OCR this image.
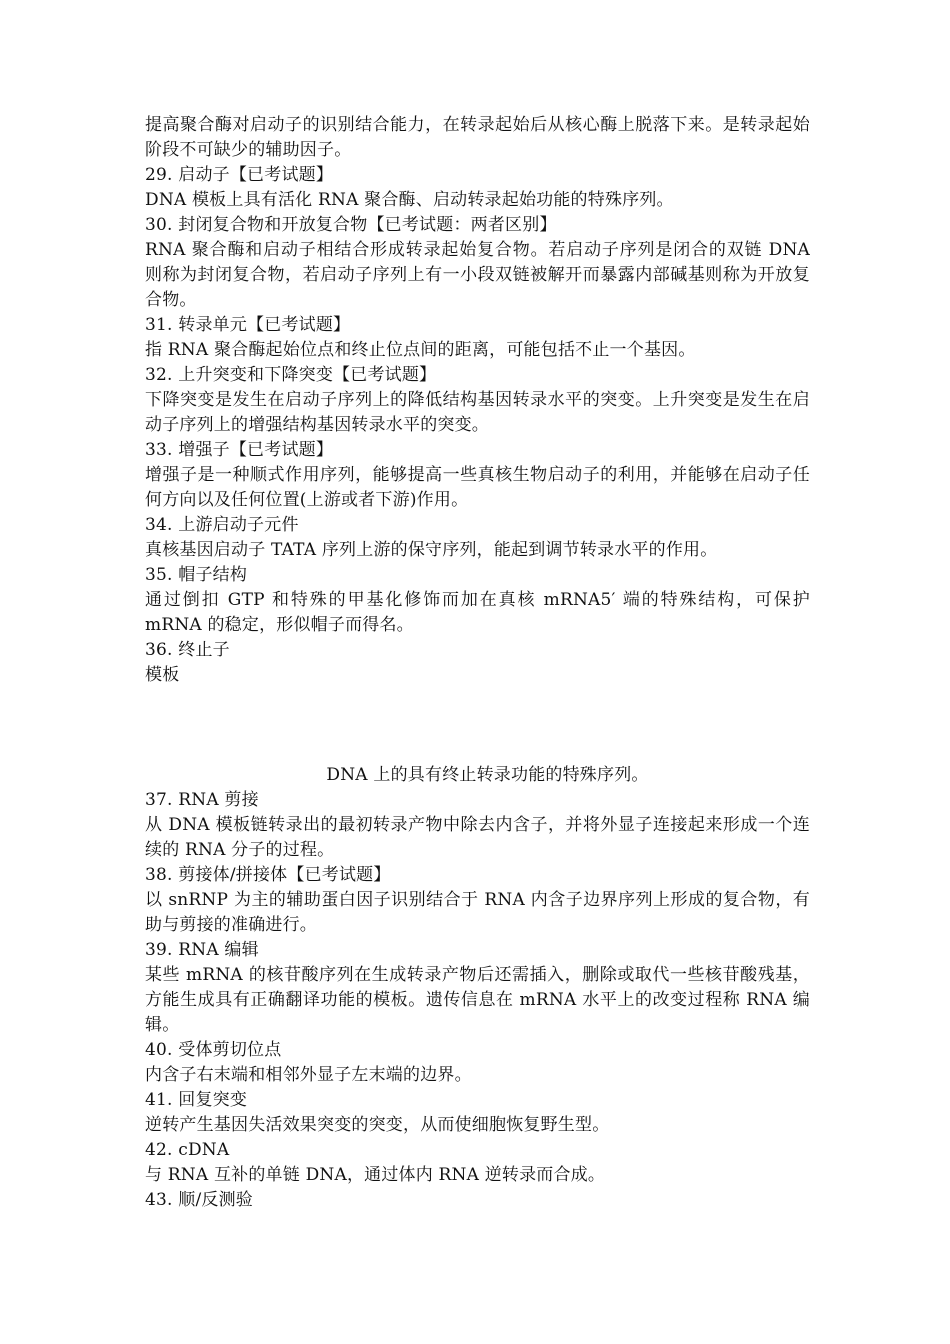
提高聚合酶对启动子的识别结合能力，在转录起始后从核心酶上脱落下来。是转录起始阶段不可缺少的辅助因子。
29. 启动子【已考试题】
DNA 模板上具有活化 RNA 聚合酶、启动转录起始功能的特殊序列。
30. 封闭复合物和开放复合物【已考试题：两者区别】
RNA 聚合酶和启动子相结合形成转录起始复合物。若启动子序列是闭合的双链 DNA 则称为封闭复合物，若启动子序列上有一小段双链被解开而暴露内部碱基则称为开放复合物。
31. 转录单元【已考试题】
指 RNA 聚合酶起始位点和终止位点间的距离，可能包括不止一个基因。
32. 上升突变和下降突变【已考试题】
下降突变是发生在启动子序列上的降低结构基因转录水平的突变。上升突变是发生在启动子序列上的增强结构基因转录水平的突变。
33. 增强子【已考试题】
增强子是一种顺式作用序列，能够提高一些真核生物启动子的利用，并能够在启动子任何方向以及任何位置(上游或者下游)作用。
34. 上游启动子元件
真核基因启动子 TATA 序列上游的保守序列，能起到调节转录水平的作用。
35. 帽子结构
通过倒扣 GTP 和特殊的甲基化修饰而加在真核 mRNA5′ 端的特殊结构，可保护 mRNA 的稳定，形似帽子而得名。
36. 终止子
模板
DNA 上的具有终止转录功能的特殊序列。
37. RNA 剪接
从 DNA 模板链转录出的最初转录产物中除去内含子，并将外显子连接起来形成一个连续的 RNA 分子的过程。
38. 剪接体/拼接体【已考试题】
以 snRNP 为主的辅助蛋白因子识别结合于 RNA 内含子边界序列上形成的复合物，有助与剪接的准确进行。
39. RNA 编辑
某些 mRNA 的核苷酸序列在生成转录产物后还需插入，删除或取代一些核苷酸残基，方能生成具有正确翻译功能的模板。遗传信息在 mRNA 水平上的改变过程称 RNA 编辑。
40. 受体剪切位点
内含子右末端和相邻外显子左末端的边界。
41. 回复突变
逆转产生基因失活效果突变的突变，从而使细胞恢复野生型。
42. cDNA
与 RNA 互补的单链 DNA，通过体内 RNA 逆转录而合成。
43. 顺/反测验
